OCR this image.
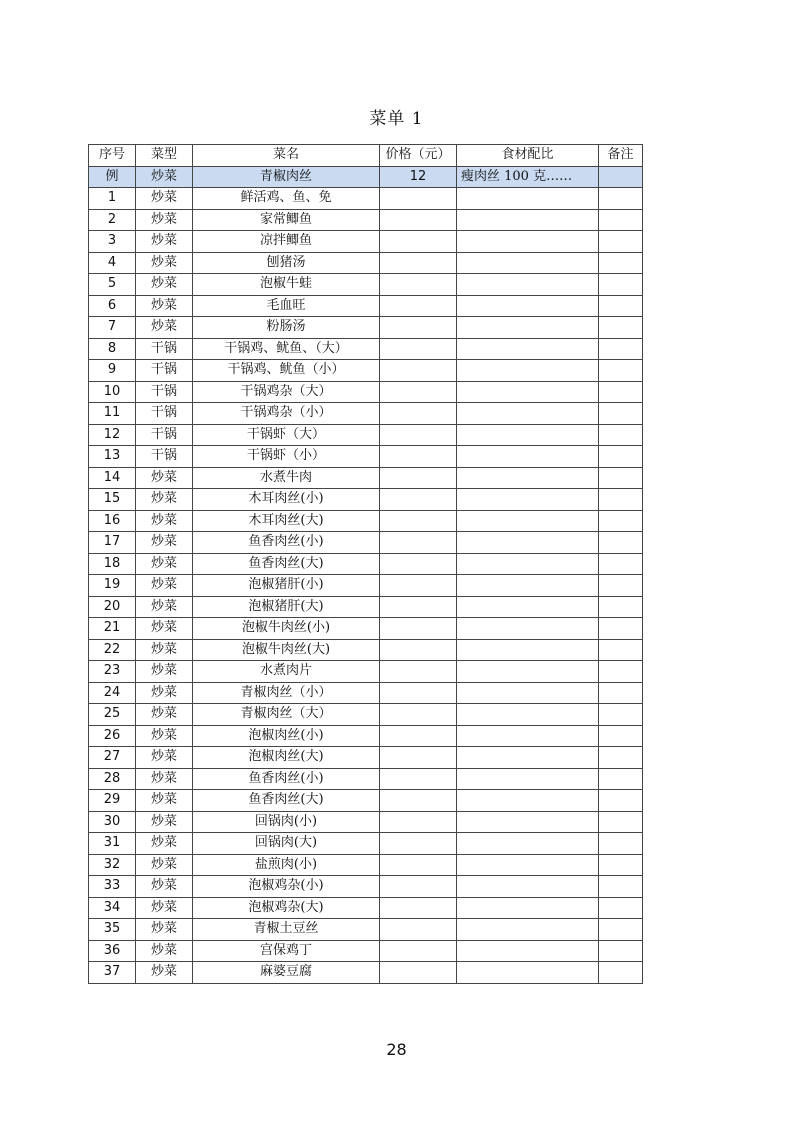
菜单 1
序号	菜型	菜名	价格（元）	食材配比	备注
例	炒菜	青椒肉丝	12	瘦肉丝 100 克……	
1	炒菜	鲜活鸡、鱼、免			
2	炒菜	家常鲫鱼			
3	炒菜	凉拌鲫鱼			
4	炒菜	刨猪汤			
5	炒菜	泡椒牛蛙			
6	炒菜	毛血旺			
7	炒菜	粉肠汤			
8	干锅	干锅鸡、鱿鱼、（大）			
9	干锅	干锅鸡、鱿鱼（小）			
10	干锅	干锅鸡杂（大）			
11	干锅	干锅鸡杂（小）			
12	干锅	干锅虾（大）			
13	干锅	干锅虾（小）			
14	炒菜	水煮牛肉			
15	炒菜	木耳肉丝(小)			
16	炒菜	木耳肉丝(大)			
17	炒菜	鱼香肉丝(小)			
18	炒菜	鱼香肉丝(大)			
19	炒菜	泡椒猪肝(小)			
20	炒菜	泡椒猪肝(大)			
21	炒菜	泡椒牛肉丝(小)			
22	炒菜	泡椒牛肉丝(大)			
23	炒菜	水煮肉片			
24	炒菜	青椒肉丝（小）			
25	炒菜	青椒肉丝（大）			
26	炒菜	泡椒肉丝(小)			
27	炒菜	泡椒肉丝(大)			
28	炒菜	鱼香肉丝(小)			
29	炒菜	鱼香肉丝(大)			
30	炒菜	回锅肉(小)			
31	炒菜	回锅肉(大)			
32	炒菜	盐煎肉(小)			
33	炒菜	泡椒鸡杂(小)			
34	炒菜	泡椒鸡杂(大)			
35	炒菜	青椒土豆丝			
36	炒菜	宫保鸡丁			
37	炒菜	麻婆豆腐			
28
